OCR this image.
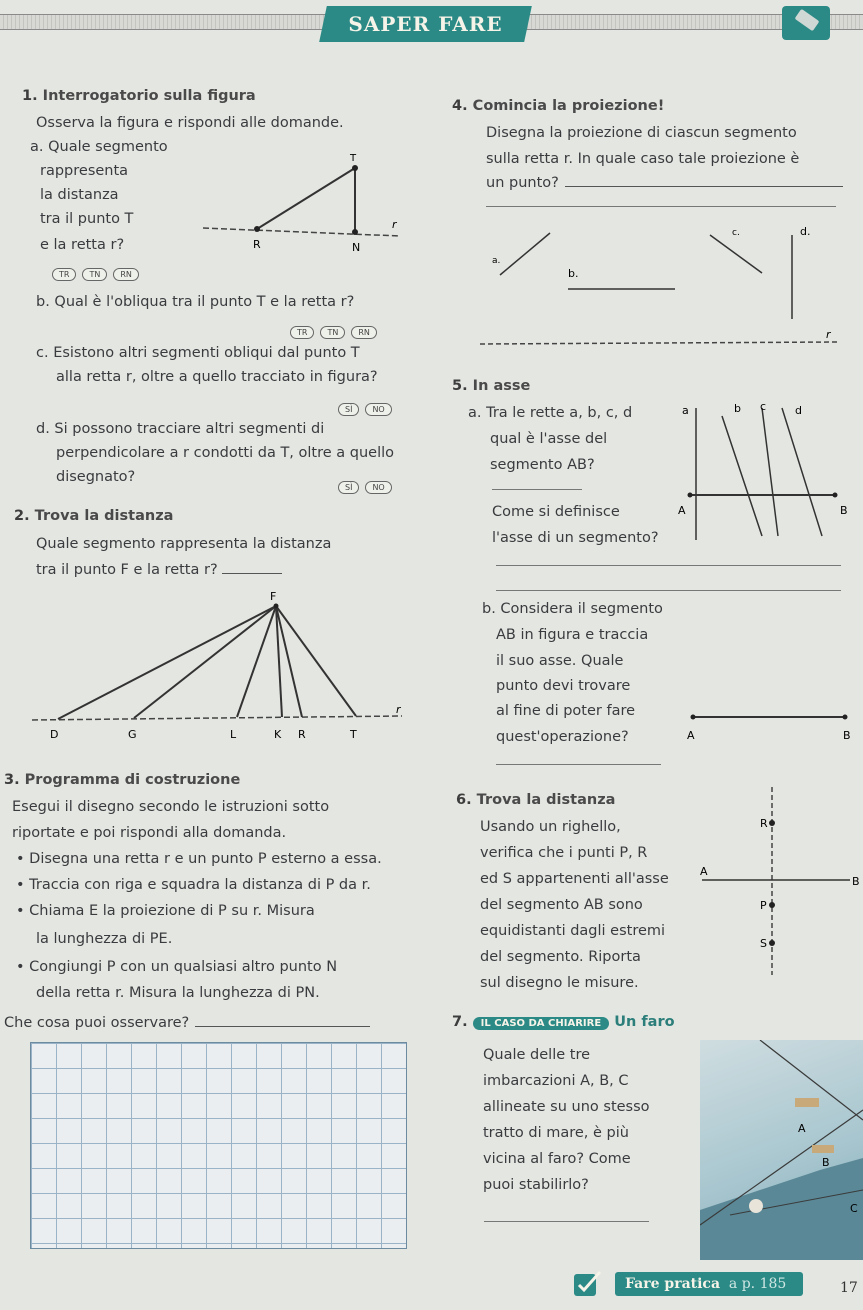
SAPER FARE
1. Interrogatorio sulla figura
Osserva la figura e rispondi alle domande.
a. Quale segmento
rappresenta
la distanza
tra il punto T
e la retta r?
TR	TN	RN
T
R	N
r
b. Qual è l'obliqua tra il punto T e la retta r?
TR	TN	RN
c. Esistono altri segmenti obliqui dal punto T
alla retta r, oltre a quello tracciato in figura?
SÌ	NO
d. Si possono tracciare altri segmenti di
perpendicolare a r condotti da T, oltre a quello
disegnato?
SÌ	NO
2. Trova la distanza
Quale segmento rappresenta la distanza
tra il punto F e la retta r?
F
D	G	L	K R	T
r
3. Programma di costruzione
Esegui il disegno secondo le istruzioni sotto
riportate e poi rispondi alla domanda.
• Disegna una retta r e un punto P esterno a essa.
• Traccia con riga e squadra la distanza di P da r.
• Chiama E la proiezione di P su r. Misura
la lunghezza di PE.
• Congiungi P con un qualsiasi altro punto N
della retta r. Misura la lunghezza di PN.
Che cosa puoi osservare?
4. Comincia la proiezione!
Disegna la proiezione di ciascun segmento
sulla retta r. In quale caso tale proiezione è
un punto?
a.
b.
c.	d.
r
5. In asse
a. Tra le rette a, b, c, d
qual è l'asse del
segmento AB?
Come si definisce
l'asse di un segmento?
a	b c	d
A	B
b. Considera il segmento
AB in figura e traccia
il suo asse. Quale
punto devi trovare
al fine di poter fare
quest'operazione?	A	B
6. Trova la distanza
Usando un righello,
verifica che i punti P, R
ed S appartenenti all'asse
del segmento AB sono
equidistanti dagli estremi
del segmento. Riporta
sul disegno le misure.
R
A
B
P
S
7. IL CASO DA CHIARIRE Un faro
Quale delle tre
imbarcazioni A, B, C
allineate su uno stesso
tratto di mare, è più
vicina al faro? Come
puoi stabilirlo?
A
B
C
Fare pratica a p. 185	17
